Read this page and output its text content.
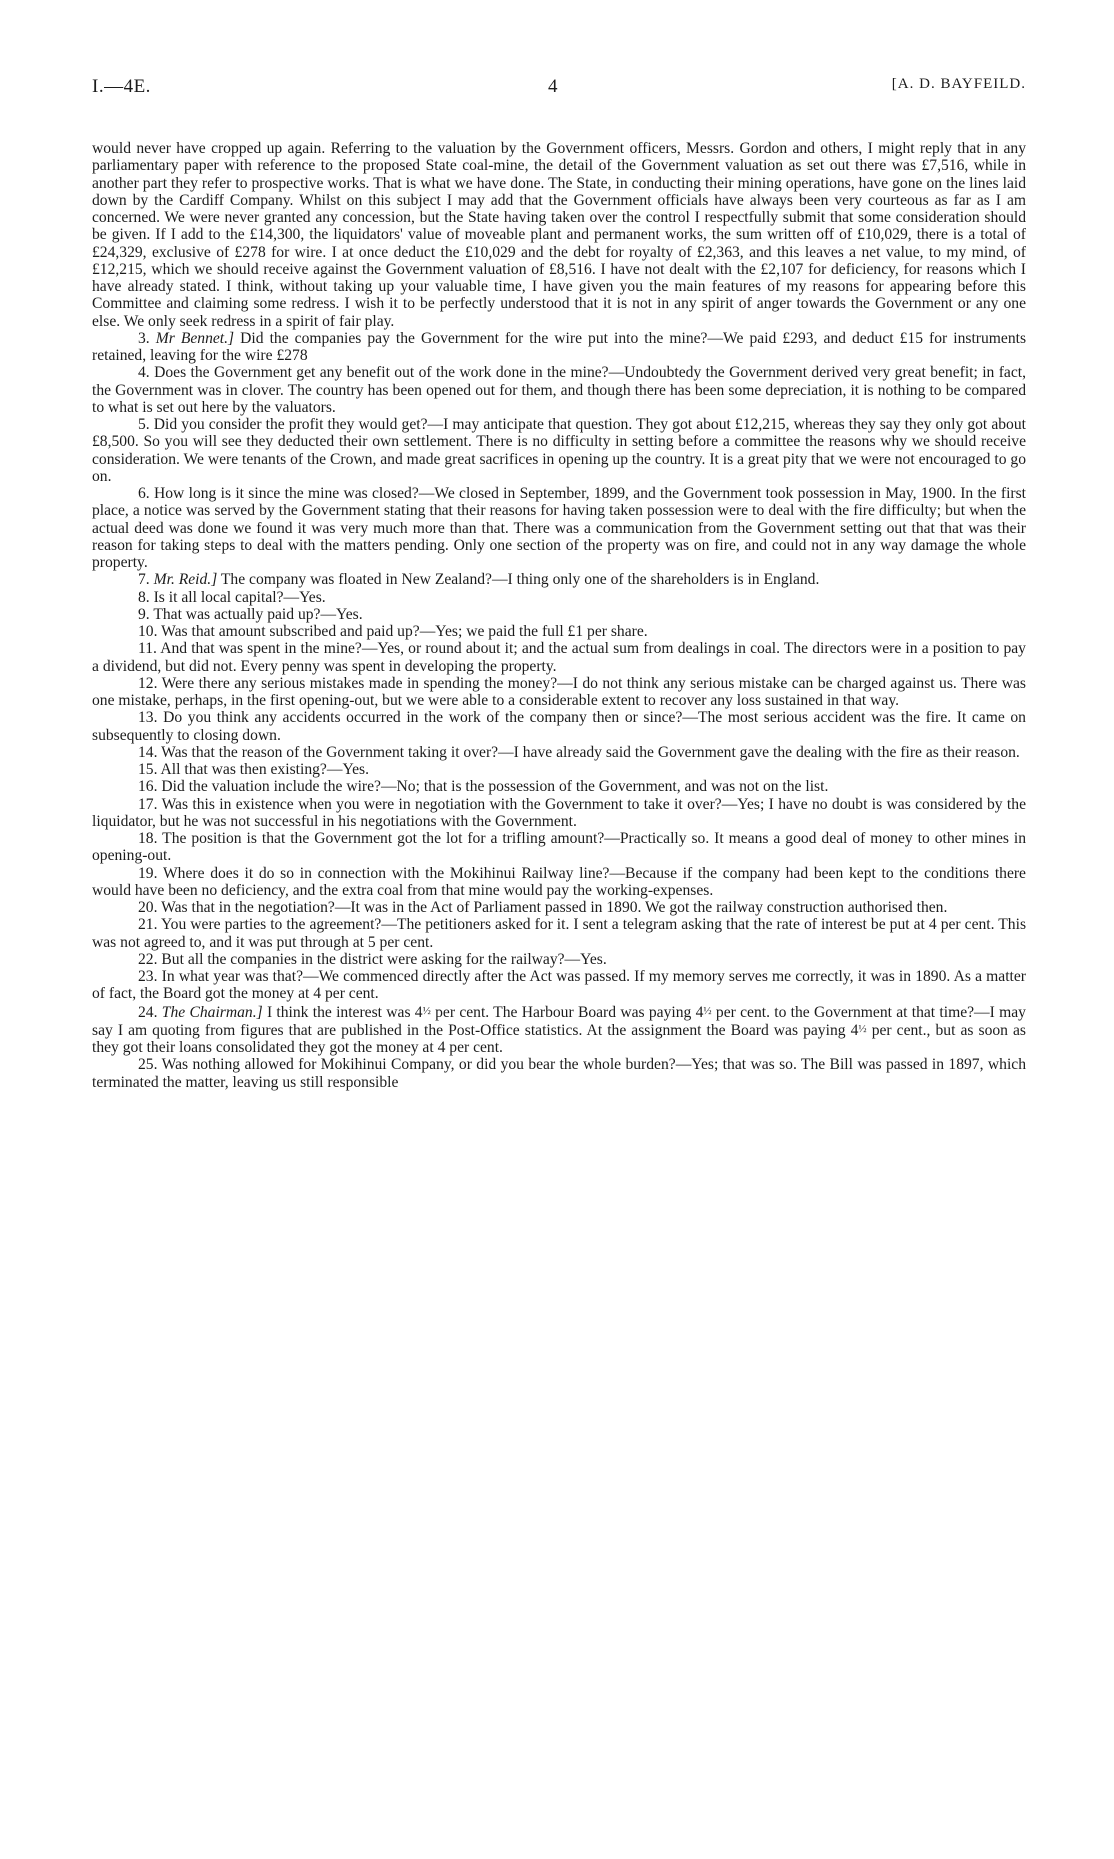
I.—4E.	4	[A. D. BAYFEILD.

would never have cropped up again. Referring to the valuation by the Government officers, Messrs. Gordon and others, I might reply that in any parliamentary paper with reference to the proposed State coal-mine, the detail of the Government valuation as set out there was £7,516, while in another part they refer to prospective works. That is what we have done. The State, in conducting their mining operations, have gone on the lines laid down by the Cardiff Company. Whilst on this subject I may add that the Government officials have always been very courteous as far as I am concerned. We were never granted any concession, but the State having taken over the control I respectfully submit that some consideration should be given. If I add to the £14,300, the liquidators' value of moveable plant and permanent works, the sum written off of £10,029, there is a total of £24,329, exclusive of £278 for wire. I at once deduct the £10,029 and the debt for royalty of £2,363, and this leaves a net value, to my mind, of £12,215, which we should receive against the Government valuation of £8,516. I have not dealt with the £2,107 for deficiency, for reasons which I have already stated. I think, without taking up your valuable time, I have given you the main features of my reasons for appearing before this Committee and claiming some redress. I wish it to be perfectly understood that it is not in any spirit of anger towards the Government or any one else. We only seek redress in a spirit of fair play.

3. Mr Bennet.] Did the companies pay the Government for the wire put into the mine?—We paid £293, and deduct £15 for instruments retained, leaving for the wire £278

4. Does the Government get any benefit out of the work done in the mine?—Undoubtedy the Government derived very great benefit; in fact, the Government was in clover. The country has been opened out for them, and though there has been some depreciation, it is nothing to be compared to what is set out here by the valuators.

5. Did you consider the profit they would get?—I may anticipate that question. They got about £12,215, whereas they say they only got about £8,500. So you will see they deducted their own settlement. There is no difficulty in setting before a committee the reasons why we should receive consideration. We were tenants of the Crown, and made great sacrifices in opening up the country. It is a great pity that we were not encouraged to go on.

6. How long is it since the mine was closed?—We closed in September, 1899, and the Government took possession in May, 1900. In the first place, a notice was served by the Government stating that their reasons for having taken possession were to deal with the fire difficulty; but when the actual deed was done we found it was very much more than that. There was a communication from the Government setting out that that was their reason for taking steps to deal with the matters pending. Only one section of the property was on fire, and could not in any way damage the whole property.

7. Mr. Reid.] The company was floated in New Zealand?—I thing only one of the shareholders is in England.

8. Is it all local capital?—Yes.

9. That was actually paid up?—Yes.

10. Was that amount subscribed and paid up?—Yes; we paid the full £1 per share.

11. And that was spent in the mine?—Yes, or round about it; and the actual sum from dealings in coal. The directors were in a position to pay a dividend, but did not. Every penny was spent in developing the property.

12. Were there any serious mistakes made in spending the money?—I do not think any serious mistake can be charged against us. There was one mistake, perhaps, in the first opening-out, but we were able to a considerable extent to recover any loss sustained in that way.

13. Do you think any accidents occurred in the work of the company then or since?—The most serious accident was the fire. It came on subsequently to closing down.

14. Was that the reason of the Government taking it over?—I have already said the Government gave the dealing with the fire as their reason.

15. All that was then existing?—Yes.

16. Did the valuation include the wire?—No; that is the possession of the Government, and was not on the list.

17. Was this in existence when you were in negotiation with the Government to take it over?—Yes; I have no doubt is was considered by the liquidator, but he was not successful in his negotiations with the Government.

18. The position is that the Government got the lot for a trifling amount?—Practically so. It means a good deal of money to other mines in opening-out.

19. Where does it do so in connection with the Mokihinui Railway line?—Because if the company had been kept to the conditions there would have been no deficiency, and the extra coal from that mine would pay the working-expenses.

20. Was that in the negotiation?—It was in the Act of Parliament passed in 1890. We got the railway construction authorised then.

21. You were parties to the agreement?—The petitioners asked for it. I sent a telegram asking that the rate of interest be put at 4 per cent. This was not agreed to, and it was put through at 5 per cent.

22. But all the companies in the district were asking for the railway?—Yes.

23. In what year was that?—We commenced directly after the Act was passed. If my memory serves me correctly, it was in 1890. As a matter of fact, the Board got the money at 4 per cent.

24. The Chairman.] I think the interest was 4½ per cent. The Harbour Board was paying 4½ per cent. to the Government at that time?—I may say I am quoting from figures that are published in the Post-Office statistics. At the assignment the Board was paying 4½ per cent., but as soon as they got their loans consolidated they got the money at 4 per cent.

25. Was nothing allowed for Mokihinui Company, or did you bear the whole burden?—Yes; that was so. The Bill was passed in 1897, which terminated the matter, leaving us still responsible
